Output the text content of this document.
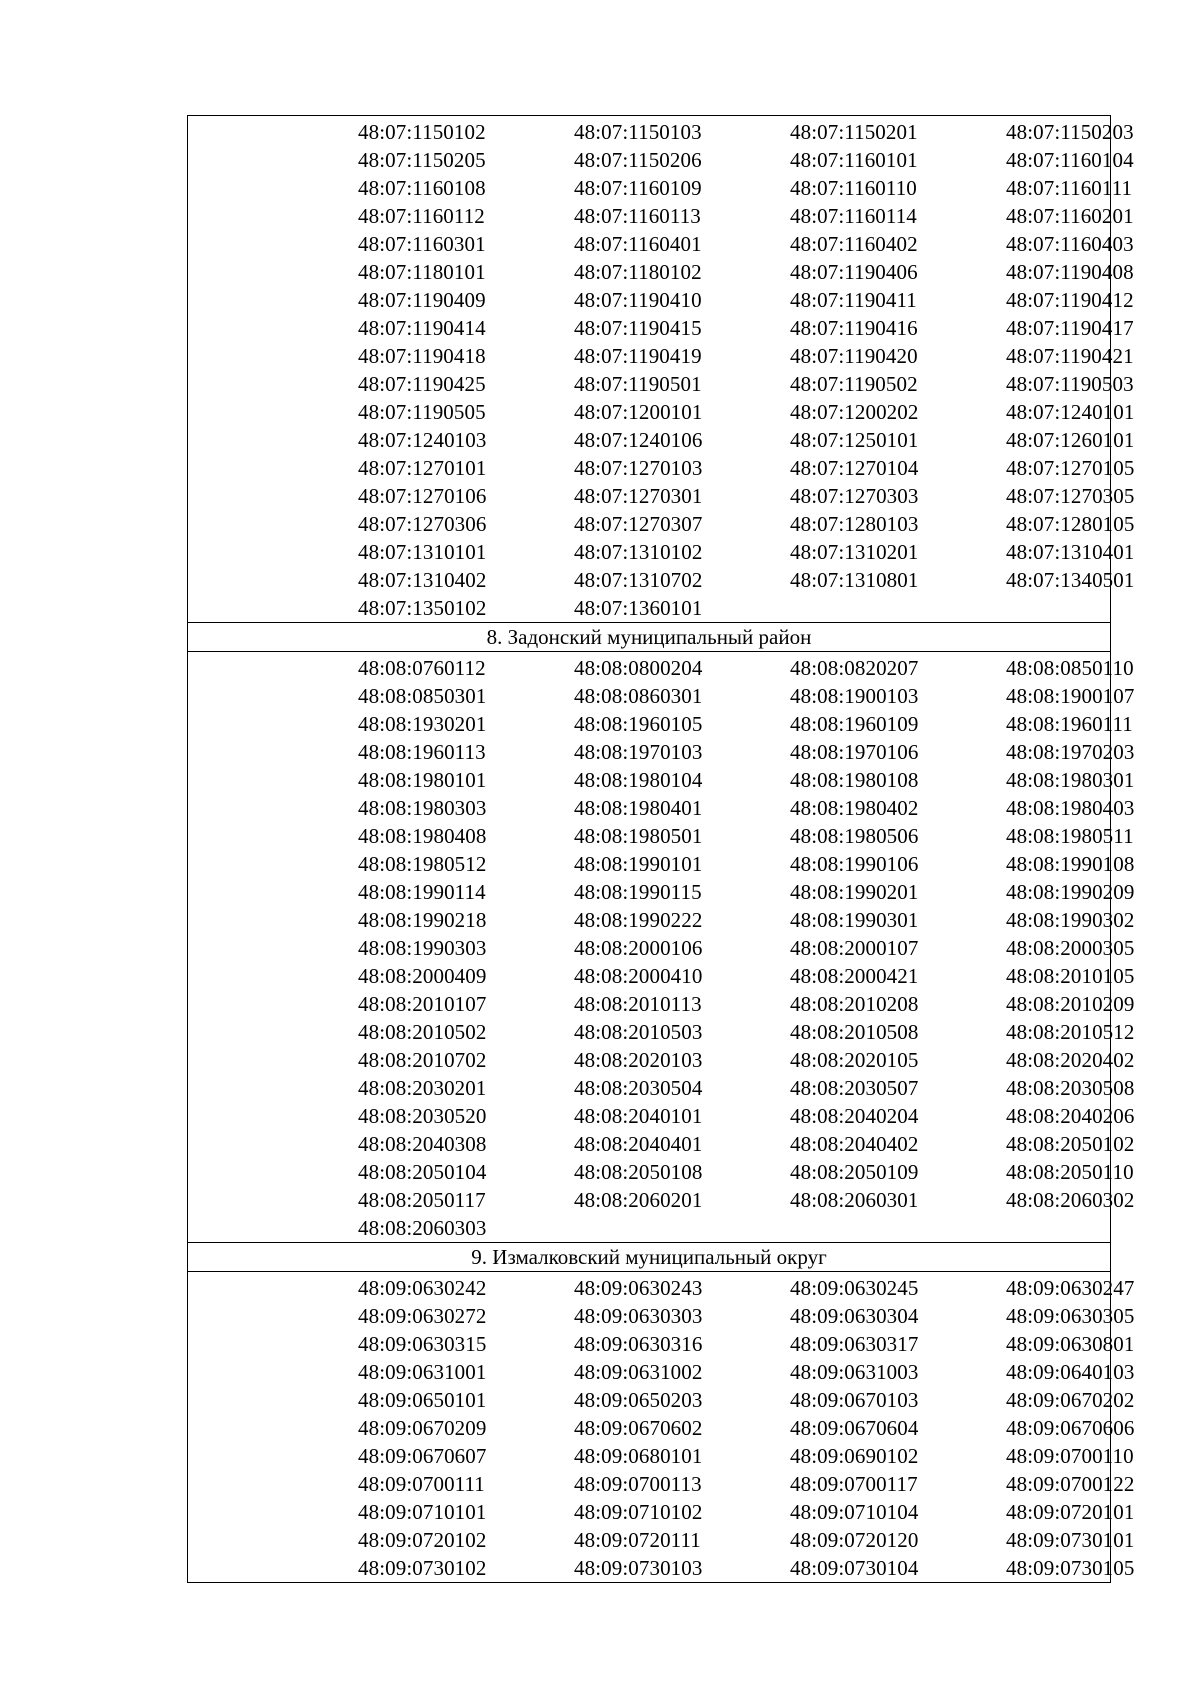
48:07:1150102	48:07:1150103	48:07:1150201	48:07:1150203
48:07:1150205	48:07:1150206	48:07:1160101	48:07:1160104
48:07:1160108	48:07:1160109	48:07:1160110	48:07:1160111
48:07:1160112	48:07:1160113	48:07:1160114	48:07:1160201
48:07:1160301	48:07:1160401	48:07:1160402	48:07:1160403
48:07:1180101	48:07:1180102	48:07:1190406	48:07:1190408
48:07:1190409	48:07:1190410	48:07:1190411	48:07:1190412
48:07:1190414	48:07:1190415	48:07:1190416	48:07:1190417
48:07:1190418	48:07:1190419	48:07:1190420	48:07:1190421
48:07:1190425	48:07:1190501	48:07:1190502	48:07:1190503
48:07:1190505	48:07:1200101	48:07:1200202	48:07:1240101
48:07:1240103	48:07:1240106	48:07:1250101	48:07:1260101
48:07:1270101	48:07:1270103	48:07:1270104	48:07:1270105
48:07:1270106	48:07:1270301	48:07:1270303	48:07:1270305
48:07:1270306	48:07:1270307	48:07:1280103	48:07:1280105
48:07:1310101	48:07:1310102	48:07:1310201	48:07:1310401
48:07:1310402	48:07:1310702	48:07:1310801	48:07:1340501
48:07:1350102	48:07:1360101
8. Задонский муниципальный район
48:08:0760112	48:08:0800204	48:08:0820207	48:08:0850110
48:08:0850301	48:08:0860301	48:08:1900103	48:08:1900107
48:08:1930201	48:08:1960105	48:08:1960109	48:08:1960111
48:08:1960113	48:08:1970103	48:08:1970106	48:08:1970203
48:08:1980101	48:08:1980104	48:08:1980108	48:08:1980301
48:08:1980303	48:08:1980401	48:08:1980402	48:08:1980403
48:08:1980408	48:08:1980501	48:08:1980506	48:08:1980511
48:08:1980512	48:08:1990101	48:08:1990106	48:08:1990108
48:08:1990114	48:08:1990115	48:08:1990201	48:08:1990209
48:08:1990218	48:08:1990222	48:08:1990301	48:08:1990302
48:08:1990303	48:08:2000106	48:08:2000107	48:08:2000305
48:08:2000409	48:08:2000410	48:08:2000421	48:08:2010105
48:08:2010107	48:08:2010113	48:08:2010208	48:08:2010209
48:08:2010502	48:08:2010503	48:08:2010508	48:08:2010512
48:08:2010702	48:08:2020103	48:08:2020105	48:08:2020402
48:08:2030201	48:08:2030504	48:08:2030507	48:08:2030508
48:08:2030520	48:08:2040101	48:08:2040204	48:08:2040206
48:08:2040308	48:08:2040401	48:08:2040402	48:08:2050102
48:08:2050104	48:08:2050108	48:08:2050109	48:08:2050110
48:08:2050117	48:08:2060201	48:08:2060301	48:08:2060302
48:08:2060303
9. Измалковский муниципальный округ
48:09:0630242	48:09:0630243	48:09:0630245	48:09:0630247
48:09:0630272	48:09:0630303	48:09:0630304	48:09:0630305
48:09:0630315	48:09:0630316	48:09:0630317	48:09:0630801
48:09:0631001	48:09:0631002	48:09:0631003	48:09:0640103
48:09:0650101	48:09:0650203	48:09:0670103	48:09:0670202
48:09:0670209	48:09:0670602	48:09:0670604	48:09:0670606
48:09:0670607	48:09:0680101	48:09:0690102	48:09:0700110
48:09:0700111	48:09:0700113	48:09:0700117	48:09:0700122
48:09:0710101	48:09:0710102	48:09:0710104	48:09:0720101
48:09:0720102	48:09:0720111	48:09:0720120	48:09:0730101
48:09:0730102	48:09:0730103	48:09:0730104	48:09:0730105
